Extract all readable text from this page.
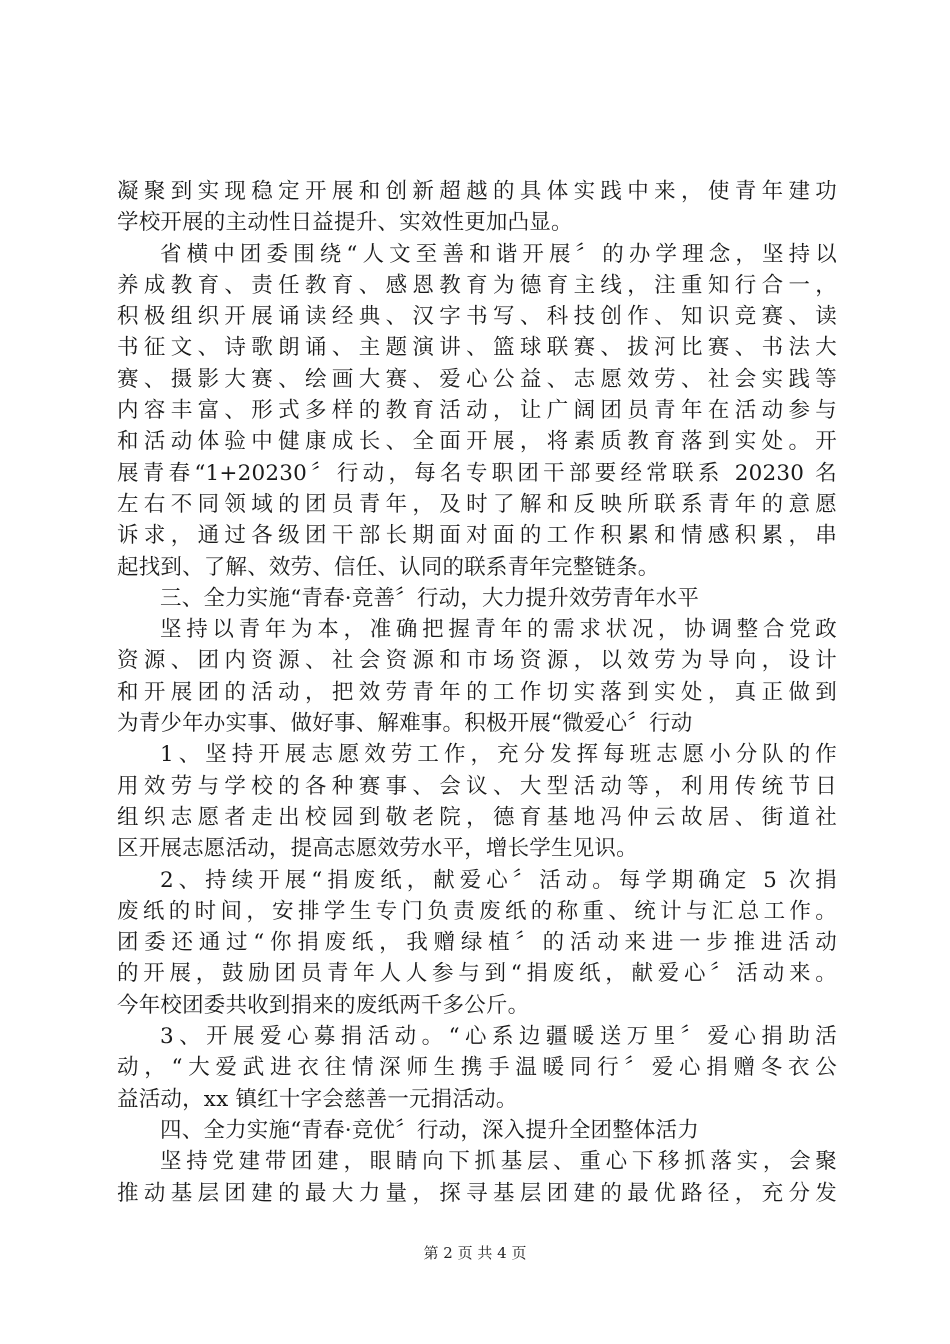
凝聚到实现稳定开展和创新超越的具体实践中来，使青年建功
学校开展的主动性日益提升、实效性更加凸显。
省横中团委围绕“人文至善和谐开展〞的办学理念，坚持以
养成教育、责任教育、感恩教育为德育主线，注重知行合一，
积极组织开展诵读经典、汉字书写、科技创作、知识竞赛、读
书征文、诗歌朗诵、主题演讲、篮球联赛、拔河比赛、书法大
赛、摄影大赛、绘画大赛、爱心公益、志愿效劳、社会实践等
内容丰富、形式多样的教育活动，让广阔团员青年在活动参与
和活动体验中健康成长、全面开展，将素质教育落到实处。开
展青春“1+20230〞行动，每名专职团干部要经常联系 20230 名
左右不同领域的团员青年，及时了解和反映所联系青年的意愿
诉求，通过各级团干部长期面对面的工作积累和情感积累，串
起找到、了解、效劳、信任、认同的联系青年完整链条。
三、全力实施“青春·竞善〞行动，大力提升效劳青年水平
坚持以青年为本，准确把握青年的需求状况，协调整合党政
资源、团内资源、社会资源和市场资源，以效劳为导向，设计
和开展团的活动，把效劳青年的工作切实落到实处，真正做到
为青少年办实事、做好事、解难事。积极开展“微爱心〞行动
1、坚持开展志愿效劳工作，充分发挥每班志愿小分队的作
用效劳与学校的各种赛事、会议、大型活动等，利用传统节日
组织志愿者走出校园到敬老院，德育基地冯仲云故居、街道社
区开展志愿活动，提高志愿效劳水平，增长学生见识。
2、持续开展“捐废纸，献爱心〞活动。每学期确定 5 次捐
废纸的时间，安排学生专门负责废纸的称重、统计与汇总工作。
团委还通过“你捐废纸，我赠绿植〞的活动来进一步推进活动
的开展，鼓励团员青年人人参与到“捐废纸，献爱心〞活动来。
今年校团委共收到捐来的废纸两千多公斤。
3、开展爱心募捐活动。“心系边疆暖送万里〞爱心捐助活
动，“大爱武进衣往情深师生携手温暖同行〞爱心捐赠冬衣公
益活动，xx 镇红十字会慈善一元捐活动。
四、全力实施“青春·竞优〞行动，深入提升全团整体活力
坚持党建带团建，眼睛向下抓基层、重心下移抓落实，会聚
推动基层团建的最大力量，探寻基层团建的最优路径，充分发
第 2 页 共 4 页
